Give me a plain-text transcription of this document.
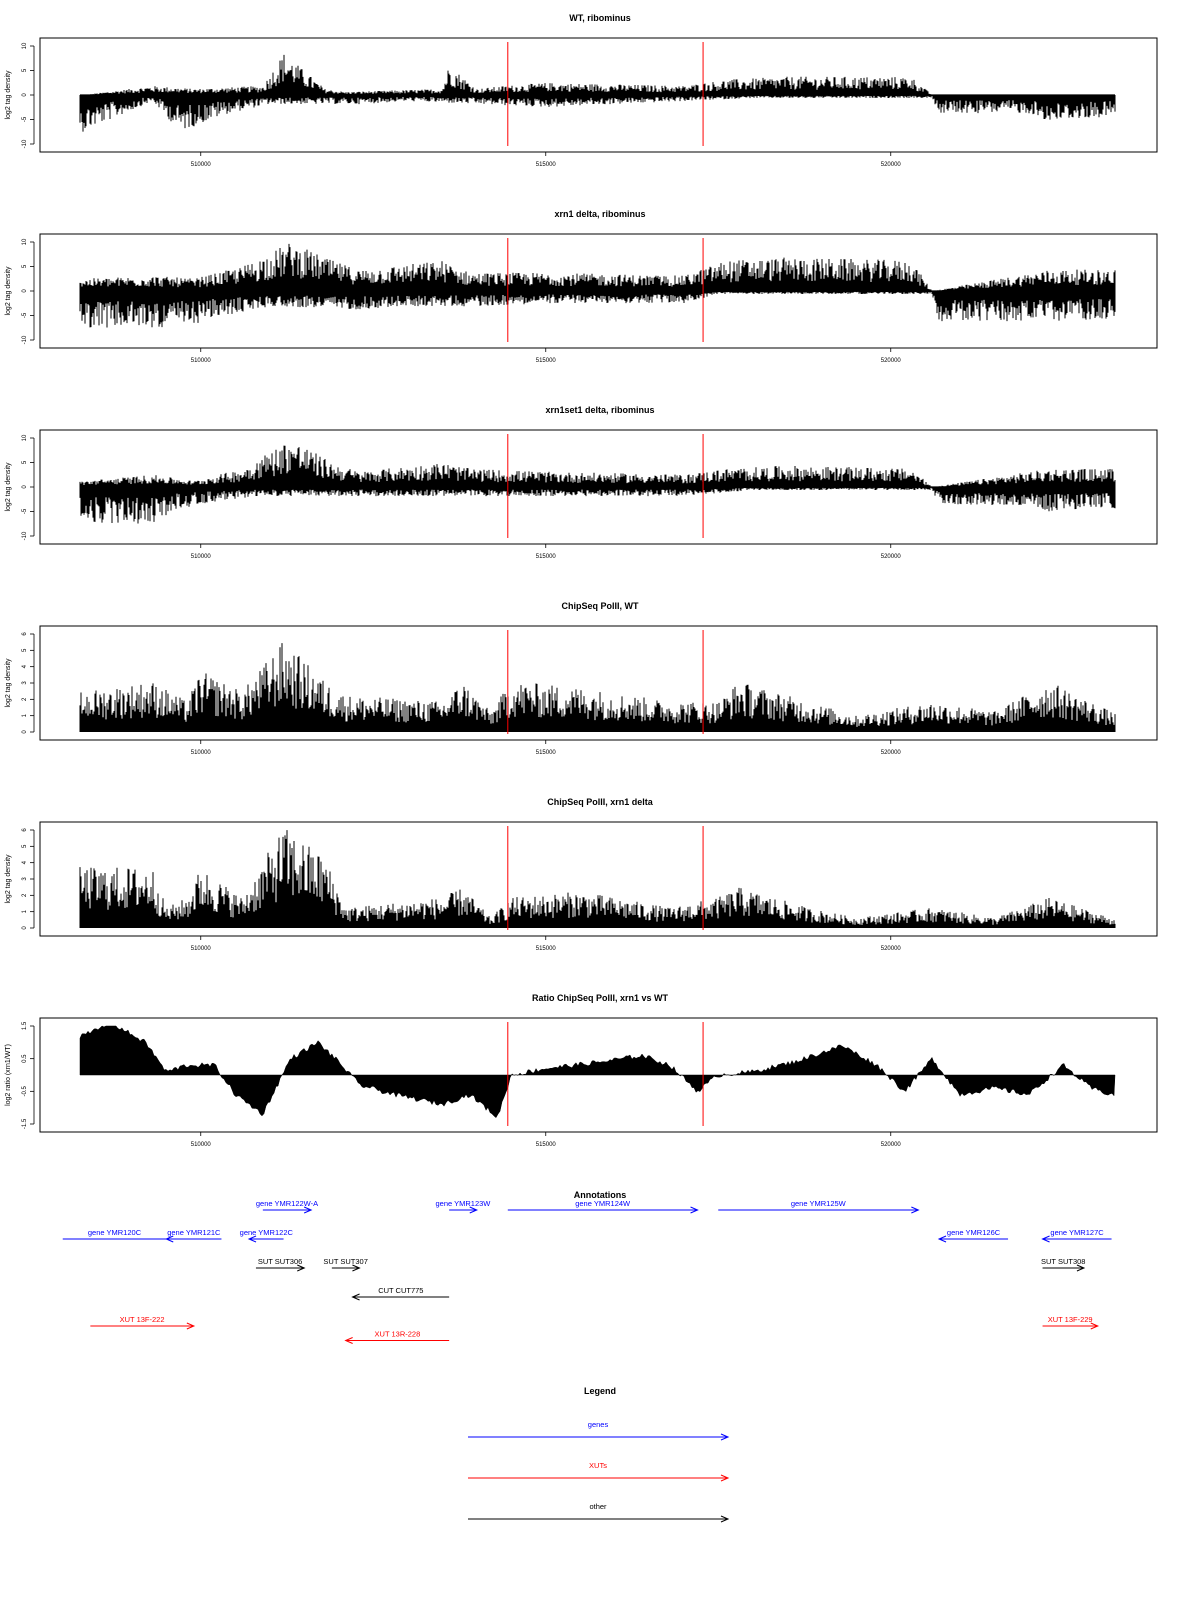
WT, ribominus
-10
-5
0
5
10
log2 tag density
510000	515000	520000
xrn1 delta, ribominus
-10
-5
0
5
10
log2 tag density
510000	515000	520000
xrn1set1 delta, ribominus
-10
-5
0
5
10
log2 tag density
510000	515000	520000
ChipSeq PolII, WT
0
1
2
3
4
5
6
log2 tag density
510000	515000	520000
ChipSeq PolII, xrn1 delta
0
1
2
3
4
5
6
log2 tag density
510000	515000	520000
Ratio ChipSeq PolII, xrn1 vs WT
-1.5
-0.5
0.5
1.5
log2 ratio (xrn1/WT)
510000	515000	520000
Annotations
gene YMR120C	gene YMR121C	gene YMR122C
gene YMR122W-A	gene YMR123W	gene YMR124W	gene YMR125W
gene YMR126C	gene YMR127C
SUT SUT306	SUT SUT307	SUT SUT308
CUT CUT775
XUT 13F-222
XUT 13R-228
XUT 13F-229
Legend
genes
XUTs
other
